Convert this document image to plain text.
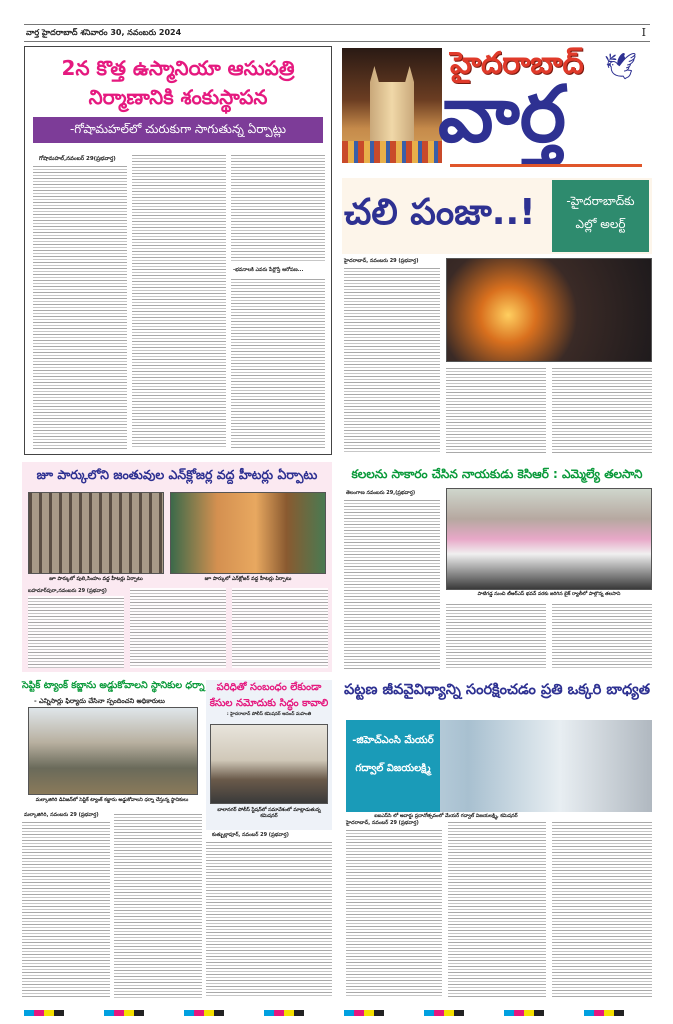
వార్త హైదరాబాద్ శనివారం 30, నవంబరు 2024	I
2న కొత్త ఉస్మానియా ఆసుపత్రి
నిర్మాణానికి శంకుస్థాపన
-గోషామహల్‌లో చురుకుగా సాగుతున్న ఏర్పాట్లు
గోషామహల్,నవంబర్ 29(ప్రభవార్త)
-భవనాలకి ఎవరు పేర్లొస్తే ఆరోపణ...
హైదరాబాద్ 🕊
వార్త
చలి పంజా..!	-హైదరాబాద్‌కు
ఎల్లో అలర్ట్
హైదరాబాద్, నవంబరు 29 (ప్రభవార్త)
జూ పార్కులోని జంతువుల ఎన్‌క్లోజర్ల వద్ద హీటర్లు ఏర్పాటు
జూ పార్కులో పులి,సింహం వద్ద హీటర్లు ఏర్పాటు	జూ పార్కులో ఎన్‌క్లోజర్ వద్ద హీటర్లు ఏర్పాటు
బహదూర్‌పురా,నవంబరు 29 (ప్రభవార్త)
కలలను సాకారం చేసిన నాయకుడు కెసిఆర్ : ఎమ్మెల్యే తలసాని
తెలంగాణ నవంబరు 29,(ప్రభవార్త)
పాటిగడ్డ నుంచి టీఆర్ఎస్ భవన్ వరకు జరిగిన బైక్ ర్యాలీలో పాల్గొన్న తలసాని
సెప్టిక్ ట్యాంక్ కబ్జాను అడ్డుకోవాలని స్థానికుల ధర్నా
- ఎన్నిసార్లు ఫిర్యాదు చేసినా స్పందించని అధికారులు
మల్కాజిగిరి డివిజన్‌లో సెప్టిక్ ట్యాంక్ కబ్జాను అడ్డుకోవాలని ధర్నా చేస్తున్న స్థానికులు
మల్కాజిగిరి, నవంబరు 29 (ప్రభవార్త)
పరిధితో సంబంధం లేకుండా
కేసుల నమోదుకు సిద్ధం కావాలి
: హైదరాబాద్ పోలీస్ కమిషనర్ ఆనంద్ మహంతి
బాలానగర్ పోలీస్ స్టేషన్‌లో సమావేశంలో మాట్లాడుతున్న కమిషనర్
కుత్బుల్లాపూర్, నవంబర్ 29 (ప్రభవార్త)
పట్టణ జీవవైవిధ్యాన్ని సంరక్షించడం ప్రతి ఒక్కరి బాధ్యత
-జిహెచ్ఎంసి మేయర్
గద్వాల్ విజయలక్ష్మి
ఐఐఎస్‌సి లో అవార్డు ప్రదానోత్సవంలో మేయర్ గద్వాల్ విజయలక్ష్మి, కమిషనర్
హైదరాబాద్, నవంబర్ 29 (ప్రభవార్త)
